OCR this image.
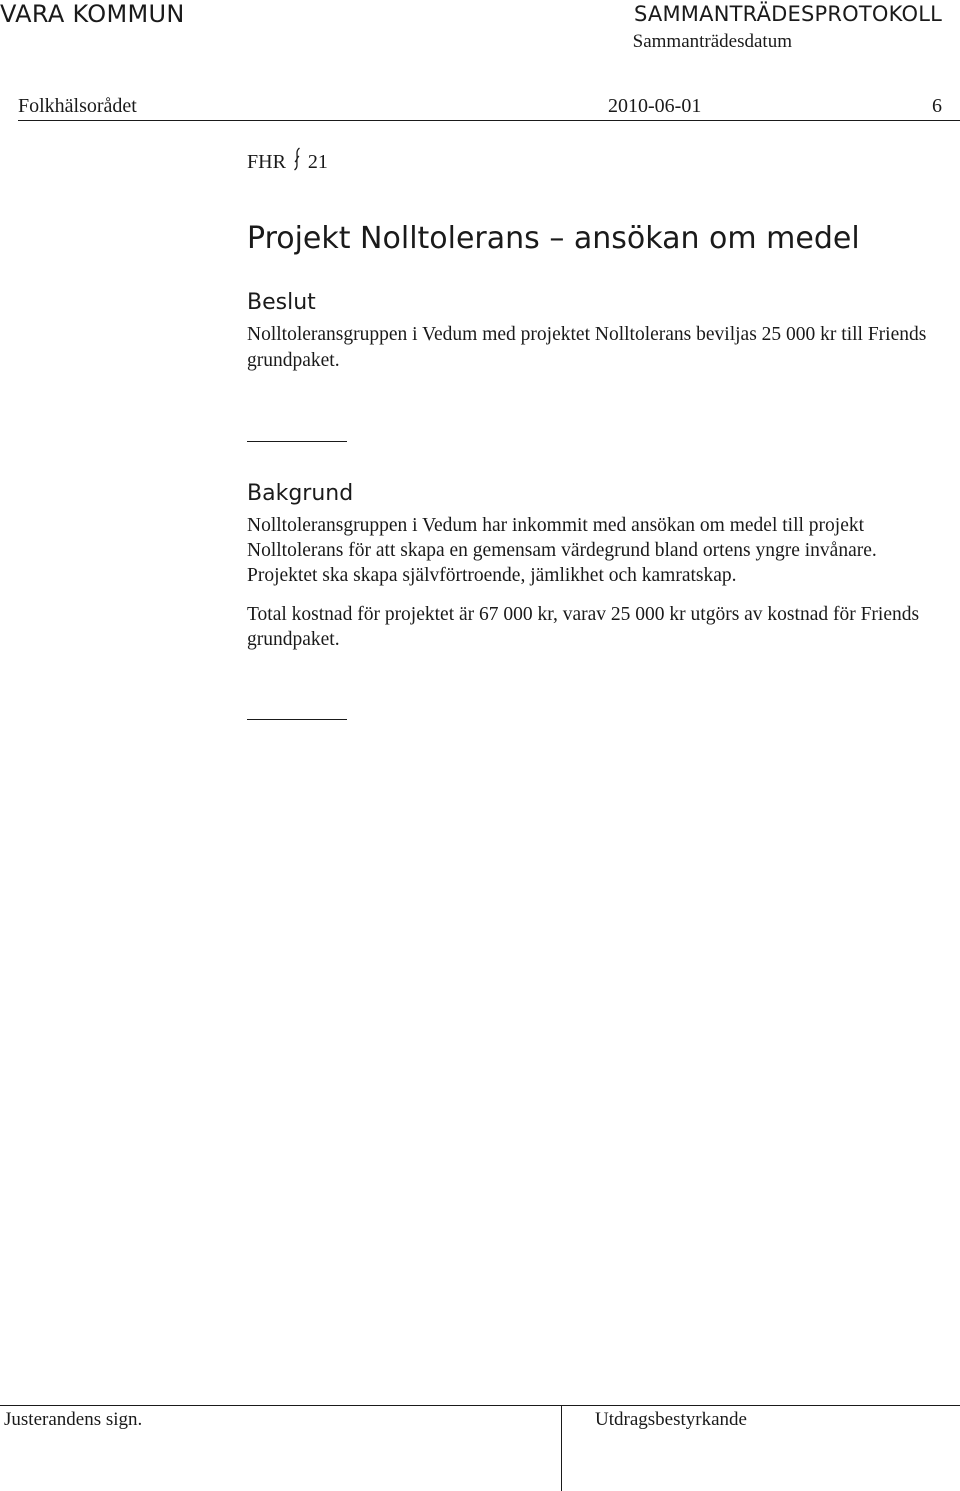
VARA KOMMUN	SAMMANTRÄDESPROTOKOLL
Sammanträdesdatum
Folkhälsorådet	2010-06-01	6
FHR 21
Projekt Nolltolerans – ansökan om medel
Beslut
Nolltoleransgruppen i Vedum med projektet Nolltolerans beviljas 25 000 kr till Friends grundpaket.
Bakgrund
Nolltoleransgruppen i Vedum har inkommit med ansökan om medel till projekt Nolltolerans för att skapa en gemensam värdegrund bland ortens yngre invånare. Projektet ska skapa självförtroende, jämlikhet och kamratskap.
Total kostnad för projektet är 67 000 kr, varav 25 000 kr utgörs av kostnad för Friends grundpaket.
Justerandens sign.	Utdragsbestyrkande
